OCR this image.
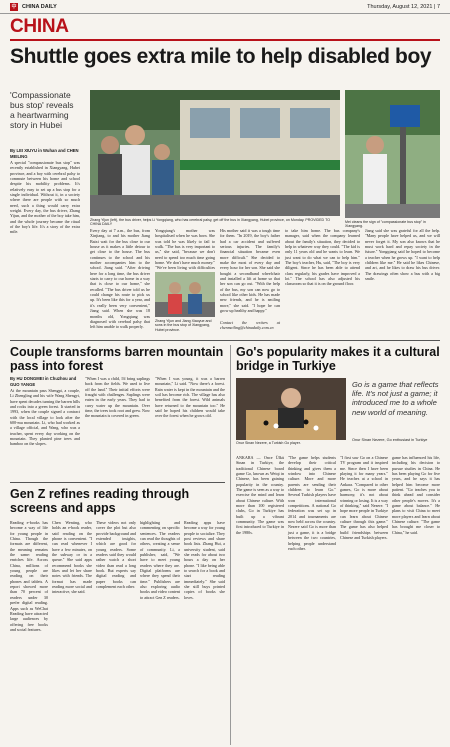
中 CHINA DAILY	Thursday, August 12, 2021 | 7
CHINA
Shuttle goes extra mile to help disabled boy
'Compassionate bus stop' reveals a heartwarming story in Hubei
By LEI XIUYU in Wuhan and CHEN MEILING
Zhang Yijun (left), the bus driver, helps Li Yongqiang, who has cerebral palsy, get off the bus in Xiangyang, Hubei province, on Monday. PROVIDED TO CHINA DAILY
Mei cleans the sign of "compassionate bus stop" in Xiangyang.
A special "compassionate bus stop" was recently established in Xiangyang, Hubei province, and a boy with cerebral palsy to commute between his home and school despite his mobility problems. It's relatively easy to set up a bus stop for a single individual. Without it, in a society where there are people with so much need, such a thing would carry extra weight. Every day, the bus driver, Zhang Yijun, and the mother of the boy take him, and the whole journey became the ritual of the boy's life. It's a story of the extra mile.	Every day at 7 a.m., the bus, from Xinjiang, to and his mother Jiang Baixi wait for the bus close to our house as it makes a little detour to get close to the house. The bus continues to the school and his mother accompanies him to the school. Jiang said. "After driving here for a long time, the bus driver starts to carry to our home in a way that is close to our home," she recalled. "The bus driver told us he could change his route to pick us up. It's been like this for a year, and it's really been very convenient," Jiang said. When she was 18 months old, Yongqiang was diagnosed with cerebral palsy that left him unable to walk properly.
Yongqiang's mother was hospitalised when he was born. She was told he was likely to fail to walk. "The bus is very important to us," she said, "because we don't need to spend too much time going home. We don't have much money." "We've been living with difficulties
His mother said it was a tough time for them. "In 2019, the boy's father had a car accident and suffered serious injuries. The family's financial situation became even more difficult." She decided to make the most of every day and every hour for her son. She said she bought a secondhand wheelchair and installed a lift at home so that her son can go out. "With the help of the bus, my son can now go to school like other kids. He has made new friends, and he is smiling more," she said. "I hope he can grow up healthy and happy."
to take him home. The bus company's manager, said when the company learned about the family's situation, they decided to help in whatever way they could. "The kid is only 11 years old and he wants to learn. We just want to do what we can to help him." The boy's teacher, Hu, said, "The boy is very diligent. Since he has been able to attend class regularly, his grades have improved a lot." The school has also adjusted his classroom so that it is on the ground floor.
Jiang said she was grateful for all the help. "Many people have helped us, and we will never forget it. My son also knows that he must work hard and repay society in the future." Yongqiang said he hoped to become a teacher when he grows up. "I want to help children like me." He said he likes Chinese, and art, and he likes to draw his bus driver. The drawings often show a bus with a big smile.
Zhang Yijun and Jiang Xiaoyue and sons in the bus stop of Xiangyang, Hubei province.
Contact the writers at chenmeiling@chinadaily.com.cn
Couple transforms barren mountain pass into forest
By HU DONGMEI in Chuzhou and GUO YANGE
At the mountain pass Shengpi, a couple, Li Zhengling and his wife Wang Shengyi, have spent decades turning the barren hills and rocks into a green forest. It started in 1993, when the couple signed a contract with the local village to look after the 600-mu mountain. Li, who had worked as a village official, and Wang, who was a teacher, spent every day working on the mountain. They planted pine trees and bamboo on the slopes.
"When I was a child, I'd bring saplings back from the fields. We used to live off the land." Their initial efforts were fraught with challenges. Saplings were eaten in the early years. They had to carry water up the mountain. Over time, the trees took root and grew. Now the mountain is covered in green.
"When I was young, it was a barren mountain," Li said. "Now there's a forest. Rain water is kept in the mountain and the soil has become rich. The village has also benefited from the forest. Wild animals have returned to the mountain too." He said he hoped his children would take over the forest when he grows old.
Go's popularity makes it a cultural bridge in Turkiye
Onur Sinan Nezere, a Turkish Go player.
Go is a game that reflects life. It's not just a game; it introduced me to a whole new world of meaning.
Onur Sinan Nezere, Go enthusiast in Turkiye
ANKARA — Once Ülkü Sinan in Turkiye, the traditional Chinese board game Go, known as Weiqi in Chinese, has been gaining popularity in the country. The game is seen as a way to exercise the mind and learn about Chinese culture. With more than 100 registered clubs, Go in Turkiye has built up a vibrant community. The game was first introduced to Turkiye in the 1980s.
"The game helps students develop their critical thinking and gives them a window into Chinese culture. More and more parents are sending their children to learn Go." Several Turkish players have won international competitions. A national Go federation was set up in 2014 and tournaments are now held across the country. Nezere said Go is more than just a game, it is a bridge between the two countries, helping people understand each other.
"I first saw Go on a Chinese TV program and it inspired me. Since then I have been playing it for many years." He teaches at a school in Ankara. "Compared to other games, Go is more about harmony, it's not about winning or losing. It is a way of thinking," said Nezere. "I hope more people in Turkiye can learn about Chinese culture through this game." The game has also helped build friendships between Chinese and Turkish players.
game has influenced his life, including his decision to pursue studies in China. He has been playing Go for five years, and he says it has helped him become more patient. "Go teaches you to think ahead and consider other people's moves. It's a game about balance." He plans to visit China to meet more players and learn about Chinese culture. "The game has brought me closer to China," he said.
Gen Z refines reading through screens and apps
Reading e-books has become a way of life for young people in China. Though the formats are different, the meaning remains the same: reading enriches life. Across China, millions of young people are reading on their phones and tablets. A report showed more than 70 percent of readers under 30 prefer digital reading. Apps such as WeChat Reading have attracted large audiences by offering free books and social features.
Chen Wenting, who holds an e-book reader, said reading on the phone is convenient. "I can read whenever I have a few minutes, on the subway or in a queue." She said apps recommend books she likes and let her share notes with friends. The format has made reading more social and interactive, she said.
These videos not only cover the plot but also provide background and extended insights, which are good for young readers. Some readers said they would rather watch a short video than read a long book. But experts say digital reading and paper books can complement each other.
highlighting and commenting on specific sentences. The readers can read the thoughts of others, creating a sense of community. Li, a publisher, said, "We have to meet young readers where they are. Digital platforms are where they spend their time." Publishers are also exploring audio books and video content to attract Gen Z readers.
Reading apps have become a way for young people to socialize. They post reviews and share book lists. Zhang Hui, a university student, said she reads for about two hours a day on her phone. "I like being able to search for a book and start reading immediately." She said she still buys printed copies of books she loves.
